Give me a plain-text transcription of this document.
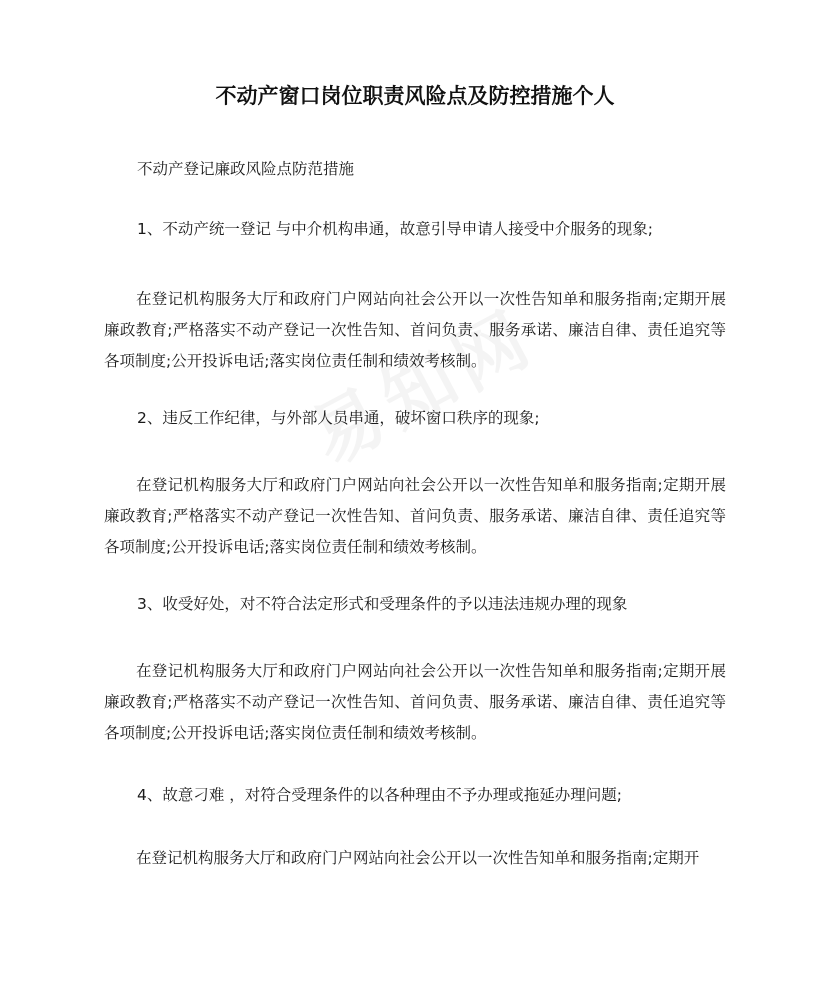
不动产窗口岗位职责风险点及防控措施个人
不动产登记廉政风险点防范措施
1、不动产统一登记 与中介机构串通，故意引导申请人接受中介服务的现象;
在登记机构服务大厅和政府门户网站向社会公开以一次性告知单和服务指南;定期开展廉政教育;严格落实不动产登记一次性告知、首问负责、服务承诺、廉洁自律、责任追究等各项制度;公开投诉电话;落实岗位责任制和绩效考核制。
2、违反工作纪律，与外部人员串通，破坏窗口秩序的现象;
在登记机构服务大厅和政府门户网站向社会公开以一次性告知单和服务指南;定期开展廉政教育;严格落实不动产登记一次性告知、首问负责、服务承诺、廉洁自律、责任追究等各项制度;公开投诉电话;落实岗位责任制和绩效考核制。
3、收受好处，对不符合法定形式和受理条件的予以违法违规办理的现象
在登记机构服务大厅和政府门户网站向社会公开以一次性告知单和服务指南;定期开展廉政教育;严格落实不动产登记一次性告知、首问负责、服务承诺、廉洁自律、责任追究等各项制度;公开投诉电话;落实岗位责任制和绩效考核制。
4、故意刁难 ，对符合受理条件的以各种理由不予办理或拖延办理问题;
在登记机构服务大厅和政府门户网站向社会公开以一次性告知单和服务指南;定期开
